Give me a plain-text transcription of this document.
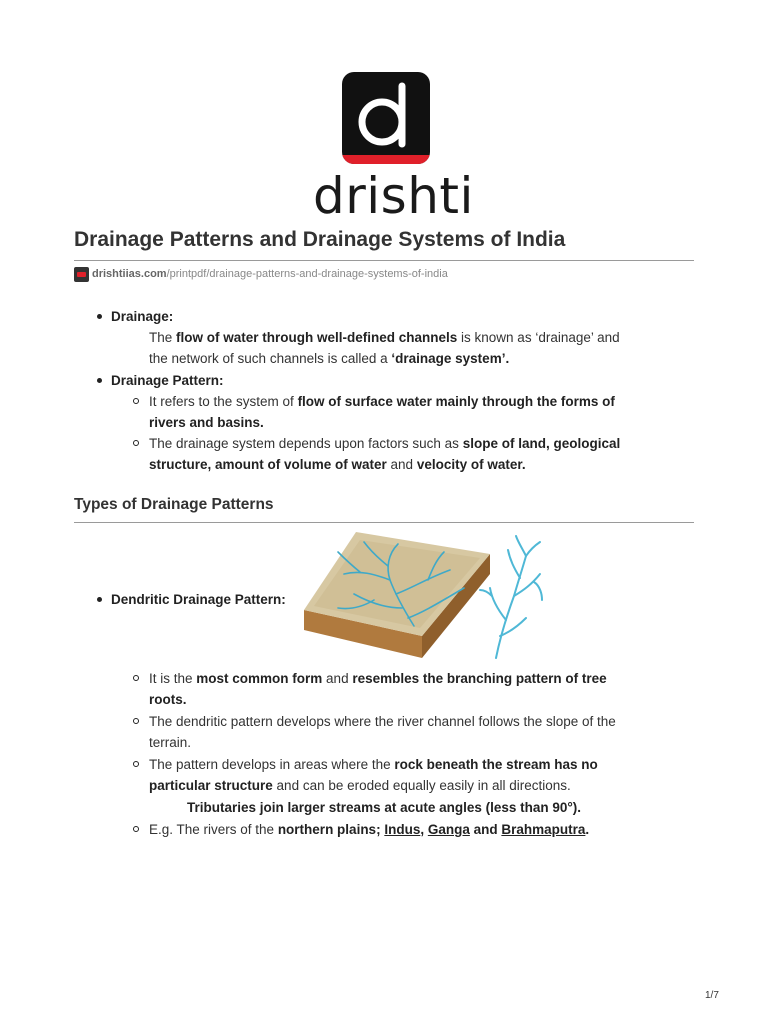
drishti
Drainage Patterns and Drainage Systems of India
drishtiias.com /printpdf/drainage-patterns-and-drainage-systems-of-india
Drainage:
The flow of water through well-defined channels is known as ‘drainage’ and
the network of such channels is called a ‘drainage system’.
Drainage Pattern:
It refers to the system of flow of surface water mainly through the forms of
rivers and basins.
The drainage system depends upon factors such as slope of land, geological
structure, amount of volume of water and velocity of water.
Types of Drainage Patterns
Dendritic Drainage Pattern:
It is the most common form and resembles the branching pattern of tree
roots.
The dendritic pattern develops where the river channel follows the slope of the
terrain.
The pattern develops in areas where the rock beneath the stream has no
particular structure and can be eroded equally easily in all directions.
Tributaries join larger streams at acute angles (less than 90°).
E.g. The rivers of the northern plains; Indus, Ganga and Brahmaputra.
1/7
